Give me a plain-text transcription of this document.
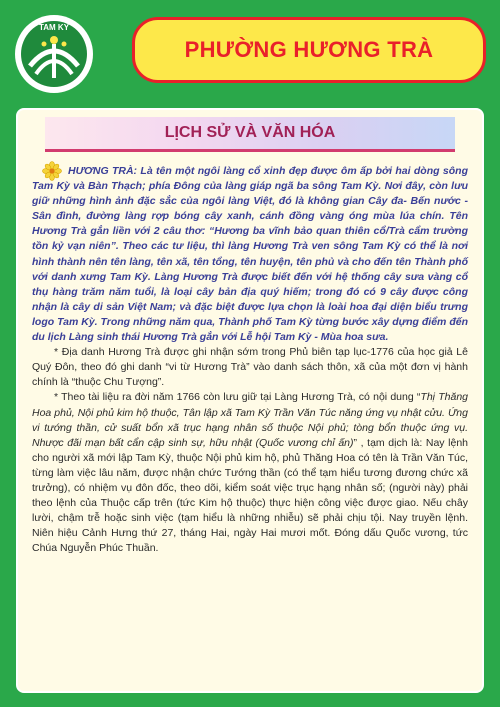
TAM KỲ
PHƯỜNG HƯƠNG TRÀ
LỊCH SỬ VÀ VĂN HÓA

HƯƠNG TRÀ: Là tên một ngôi làng cổ xinh đẹp được ôm ấp bởi hai dòng sông Tam Kỳ và Bàn Thạch; phía Đông của làng giáp ngã ba sông Tam Kỳ. Nơi đây, còn lưu giữ những hình ảnh đặc sắc của ngôi làng Việt, đó là không gian Cây đa- Bến nước - Sân đình, đường làng rợp bóng cây xanh, cánh đồng vàng óng mùa lúa chín. Tên Hương Trà gắn liền với 2 câu thơ: “Hương ba vĩnh bảo quan thiên cổ/Trà cẩm trường tồn kỷ vạn niên”. Theo các tư liệu, thì làng Hương Trà ven sông Tam Kỳ có thể là nơi hình thành nên tên làng, tên xã, tên tổng, tên huyện, tên phủ và cho đến tên Thành phố với danh xưng Tam Kỳ. Làng Hương Trà được biết đến với hệ thống cây sưa vàng cổ thụ hàng trăm năm tuổi, là loại cây bản địa quý hiếm; trong đó có 9 cây được công nhận là cây di sản Việt Nam; và đặc biệt được lựa chọn là loài hoa đại diện biểu trưng logo Tam Kỳ. Trong những năm qua, Thành phố Tam Kỳ từng bước xây dựng điểm đến du lịch Làng sinh thái Hương Trà gắn với Lễ hội Tam Kỳ - Mùa hoa sưa.

* Địa danh Hương Trà được ghi nhận sớm trong Phủ biên tạp lục-1776 của học giả Lê Quý Đôn, theo đó ghi danh “vi từ Hương Trà” vào danh sách thôn, xã của một đơn vị hành chính là “thuộc Chu Tượng”.

* Theo tài liệu ra đời năm 1766 còn lưu giữ tại Làng Hương Trà, có nội dung “Thị Thăng Hoa phủ, Nội phủ kim hộ thuộc, Tân lập xã Tam Kỳ Trần Văn Túc năng ứng vụ nhật cửu. Ứng vi tướng thần, cử suất bổn xã trục hạng nhân số thuộc Nội phủ; tòng bổn thuộc ứng vụ. Nhược đãi mạn bất cẩn cập sinh sự, hữu nhật (Quốc vương chỉ ấn)” , tạm dịch là: Nay lệnh cho người xã mới lập Tam Kỳ, thuộc Nội phủ kim hộ, phủ Thăng Hoa có tên là Trần Văn Túc, từng làm việc lâu năm, được nhận chức Tướng thần (có thể tạm hiểu tương đương chức xã trưởng), có nhiệm vụ đôn đốc, theo dõi, kiểm soát việc trục hạng nhân số; (người này) phải theo lệnh của Thuộc cấp trên (tức Kim hộ thuộc) thực hiện công việc được giao. Nếu chây lười, chậm trễ hoặc sinh việc (tạm hiểu là những nhiễu) sẽ phải chịu tội. Nay truyền lệnh. Niên hiệu Cảnh Hưng thứ 27, tháng Hai, ngày Hai mươi mốt. Đóng dấu Quốc vương, tức Chúa Nguyễn Phúc Thuần.
